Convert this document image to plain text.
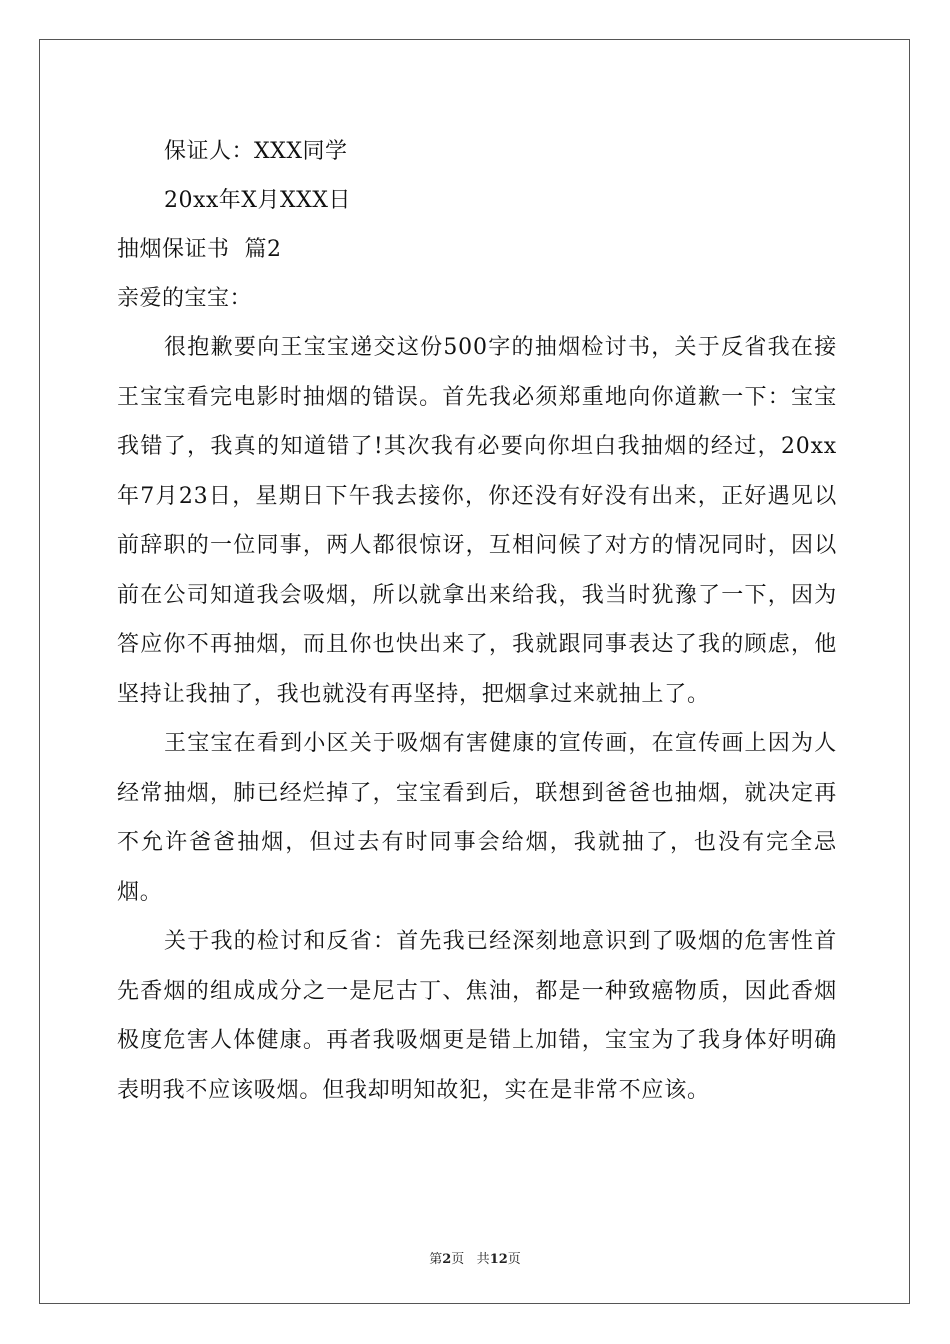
保证人：XXX同学
20xx年X月XXX日
抽烟保证书  篇2
亲爱的宝宝：

很抱歉要向王宝宝递交这份500字的抽烟检讨书，关于反省我在接王宝宝看完电影时抽烟的错误。首先我必须郑重地向你道歉一下：宝宝我错了，我真的知道错了!其次我有必要向你坦白我抽烟的经过，20xx年7月23日，星期日下午我去接你，你还没有好没有出来，正好遇见以前辞职的一位同事，两人都很惊讶，互相问候了对方的情况同时，因以前在公司知道我会吸烟，所以就拿出来给我，我当时犹豫了一下，因为答应你不再抽烟，而且你也快出来了，我就跟同事表达了我的顾虑，他坚持让我抽了，我也就没有再坚持，把烟拿过来就抽上了。

王宝宝在看到小区关于吸烟有害健康的宣传画，在宣传画上因为人经常抽烟，肺已经烂掉了，宝宝看到后，联想到爸爸也抽烟，就决定再不允许爸爸抽烟，但过去有时同事会给烟，我就抽了，也没有完全忌烟。

关于我的检讨和反省：首先我已经深刻地意识到了吸烟的危害性首先香烟的组成成分之一是尼古丁、焦油，都是一种致癌物质，因此香烟极度危害人体健康。再者我吸烟更是错上加错，宝宝为了我身体好明确表明我不应该吸烟。但我却明知故犯，实在是非常不应该。

第2页 共12页
